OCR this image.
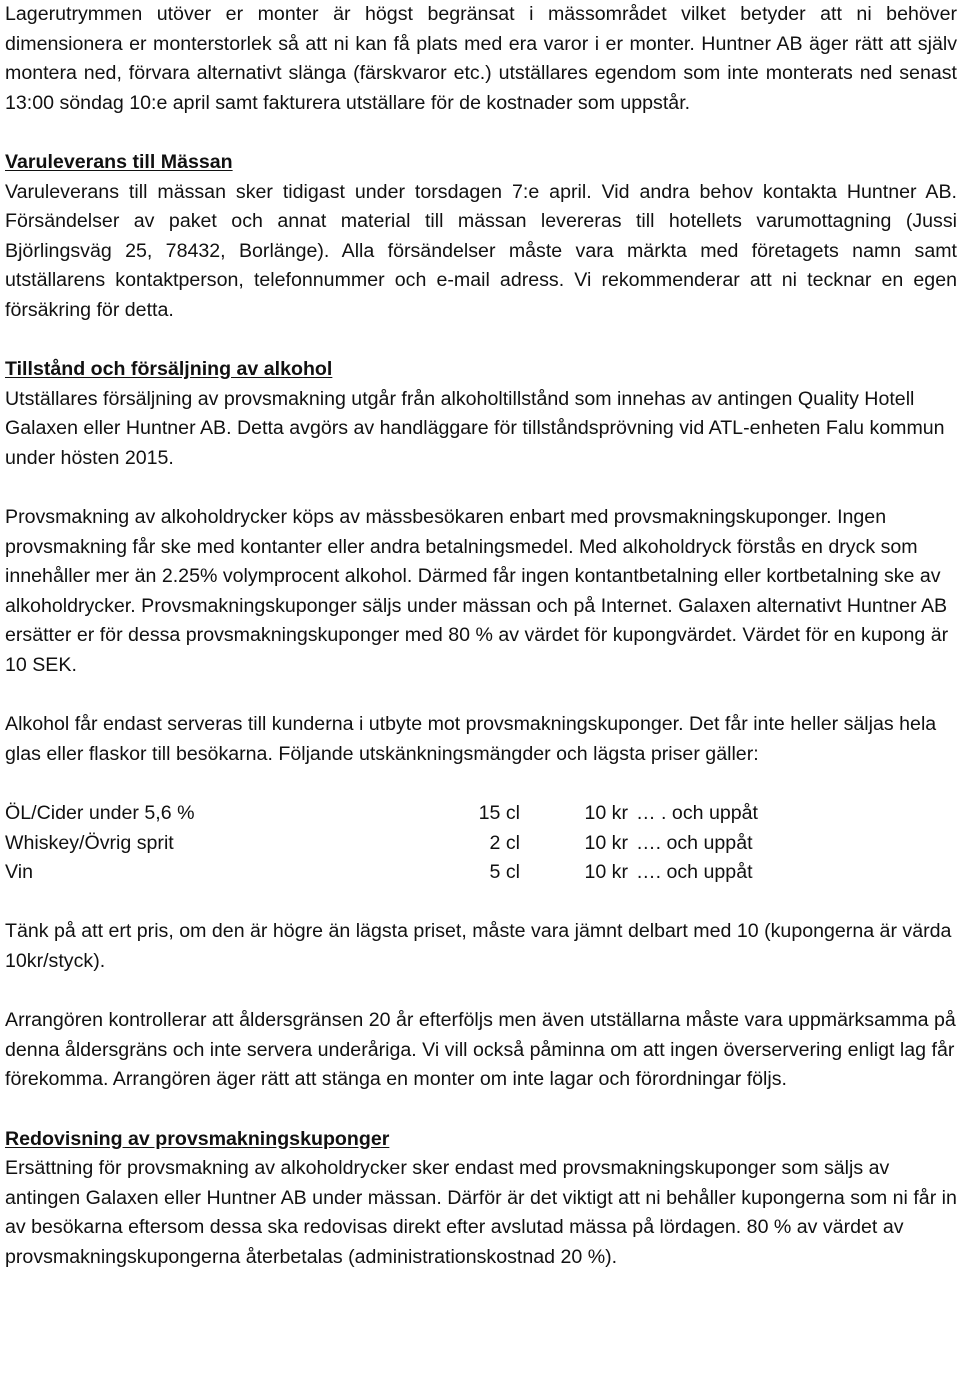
Lagerutrymmen utöver er monter är högst begränsat i mässområdet vilket betyder att ni behöver dimensionera er monterstorlek så att ni kan få plats med era varor i er monter. Huntner AB äger rätt att själv montera ned, förvara alternativt slänga (färskvaror etc.) utställares egendom som inte monterats ned senast 13:00 söndag 10:e april samt fakturera utställare för de kostnader som uppstår.

Varuleverans till Mässan

Varuleverans till mässan sker tidigast under torsdagen 7:e april. Vid andra behov kontakta Huntner AB. Försändelser av paket och annat material till mässan levereras till hotellets varumottagning (Jussi Björlingsväg 25, 78432, Borlänge). Alla försändelser måste vara märkta med företagets namn samt utställarens kontaktperson, telefonnummer och e-mail adress. Vi rekommenderar att ni tecknar en egen försäkring för detta.

Tillstånd och försäljning av alkohol

Utställares försäljning av provsmakning utgår från alkoholtillstånd som innehas av antingen Quality Hotell Galaxen eller Huntner AB. Detta avgörs av handläggare för tillståndsprövning vid ATL-enheten Falu kommun under hösten 2015.

Provsmakning av alkoholdrycker köps av mässbesökaren enbart med provsmakningskuponger. Ingen provsmakning får ske med kontanter eller andra betalningsmedel. Med alkoholdryck förstås en dryck som innehåller mer än 2.25% volymprocent alkohol. Därmed får ingen kontantbetalning eller kortbetalning ske av alkoholdrycker. Provsmakningskuponger säljs under mässan och på Internet. Galaxen alternativt Huntner AB ersätter er för dessa provsmakningskuponger med 80 % av värdet för kupongvärdet. Värdet för en kupong är 10 SEK.

Alkohol får endast serveras till kunderna i utbyte mot provsmakningskuponger. Det får inte heller säljas hela glas eller flaskor till besökarna. Följande utskänkningsmängder och lägsta priser gäller:

ÖL/Cider under 5,6 %	15 cl	10 kr	… . och uppåt
Whiskey/Övrig sprit	2 cl	10 kr	…. och uppåt
Vin	5 cl	10 kr	…. och uppåt

Tänk på att ert pris, om den är högre än lägsta priset, måste vara jämnt delbart med 10 (kupongerna är värda 10kr/styck).

Arrangören kontrollerar att åldersgränsen 20 år efterföljs men även utställarna måste vara uppmärksamma på denna åldersgräns och inte servera underåriga. Vi vill också påminna om att ingen överservering enligt lag får förekomma. Arrangören äger rätt att stänga en monter om inte lagar och förordningar följs.

Redovisning av provsmakningskuponger

Ersättning för provsmakning av alkoholdrycker sker endast med provsmakningskuponger som säljs av antingen Galaxen eller Huntner AB under mässan. Därför är det viktigt att ni behåller kupongerna som ni får in av besökarna eftersom dessa ska redovisas direkt efter avslutad mässa på lördagen. 80 % av värdet av provsmakningskupongerna återbetalas (administrationskostnad 20 %).
